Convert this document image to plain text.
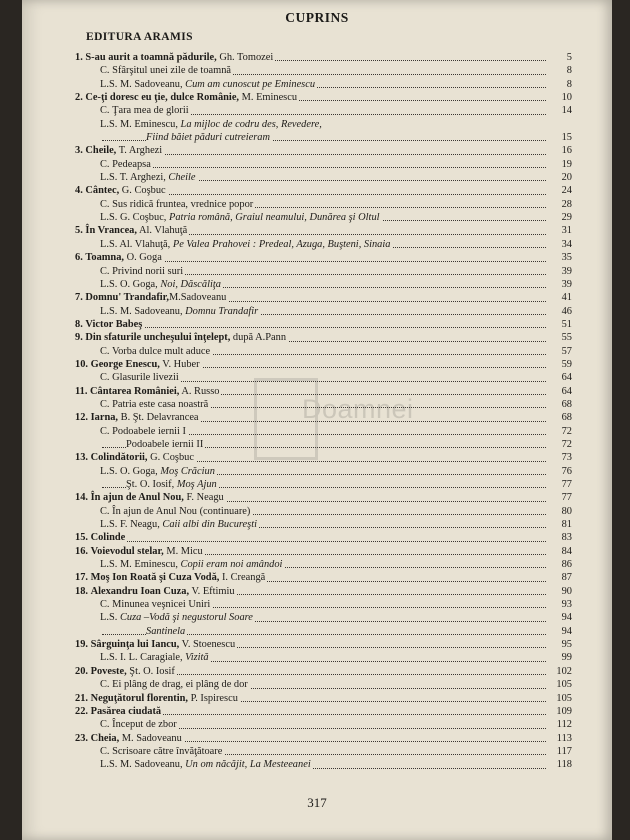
CUPRINS
EDITURA ARAMIS
1. S-au aurit a toamnă pădurile, Gh. Tomozei	5
C. Sfârşitul unei zile de toamnă	8
L.S. M. Sadoveanu, Cum am cunoscut pe Eminescu	8
2. Ce-ţi doresc eu ţie, dulce Românie, M. Eminescu	10
C. Ţara mea de glorii	14
L.S. M. Eminescu, La mijloc de codru des, Revedere,
Fiind băiet păduri cutreieram	15
3. Cheile, T. Arghezi	16
C. Pedeapsa	19
L.S. T. Arghezi, Cheile	20
4. Cântec, G. Coşbuc	24
C. Sus ridică fruntea, vrednice popor	28
L.S. G. Coşbuc, Patria română, Graiul neamului, Dunărea şi Oltul	29
5. În Vrancea, Al. Vlahuţă	31
L.S. Al. Vlahuţă, Pe Valea Prahovei : Predeal, Azuga, Buşteni, Sinaia	34
6. Toamna, O. Goga	35
C. Privind norii suri	39
L.S. O. Goga, Noi, Dăscăliţa	39
7. Domnu' Trandafir,M.Sadoveanu	41
L.S. M. Sadoveanu, Domnu Trandafir	46
8. Victor Babeş	51
9. Din sfaturile uncheşului înţelept, după A.Pann	55
C. Vorba dulce mult aduce	57
10. George Enescu, V. Huber	59
C. Glasurile livezii	64
11. Cântarea României, A. Russo	64
C. Patria este casa noastră	68
12. Iarna, B. Şt. Delavrancea	68
C. Podoabele iernii I	72
Podoabele iernii II	72
13. Colindătorii, G. Coşbuc	73
L.S. O. Goga, Moş Crăciun	76
Şt. O. Iosif, Moş Ajun	77
14. În ajun de Anul Nou, F. Neagu	77
C. În ajun de Anul Nou (continuare)	80
L.S. F. Neagu, Caii albi din Bucureşti	81
15. Colinde	83
16. Voievodul stelar, M. Micu	84
L.S. M. Eminescu, Copii eram noi amândoi	86
17. Moş Ion Roată şi Cuza Vodă, I. Creangă	87
18. Alexandru Ioan Cuza, V. Eftimiu	90
C. Minunea veşnicei Uniri	93
L.S. Cuza –Vodă şi negustorul Soare	94
Santinela	94
19. Sârguinţa lui Iancu, V. Stoenescu	95
L.S. I. L. Caragiale, Vizită	99
20. Poveste, Şt. O. Iosif	102
C. Ei plâng de drag, ei plâng de dor	105
21. Neguţătorul florentin, P. Ispirescu	105
22. Pasărea ciudată	109
C. Început de zbor	112
23. Cheia, M. Sadoveanu	113
C. Scrisoare către învăţătoare	117
L.S. M. Sadoveanu, Un om năcăjit, La Mesteeanei	118
317
Doamnei
